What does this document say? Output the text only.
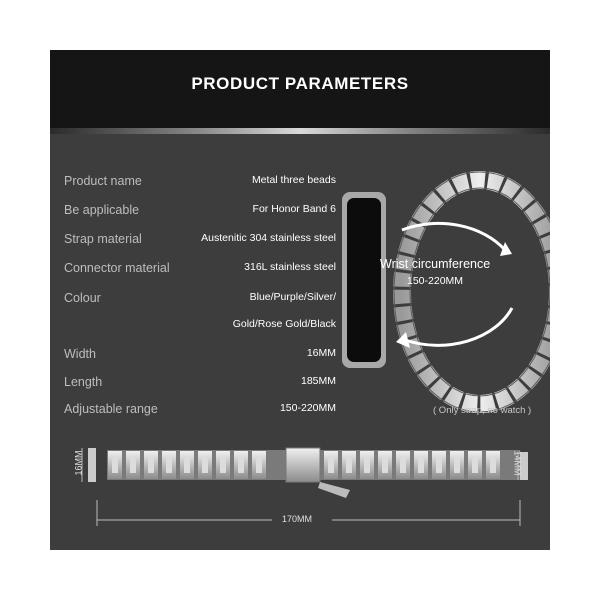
PRODUCT PARAMETERS
Wrist circumference
150-220MM
Product name	Metal three beads
Be applicable	For Honor Band 6
Strap material	Austenitic 304 stainless steel
Connector material	316L stainless steel
Colour	Blue/Purple/Silver/
Gold/Rose Gold/Black
Width	16MM
Length	185MM
Adjustable range	150-220MM	( Only strap, no watch )
16MM	14MM
170MM
